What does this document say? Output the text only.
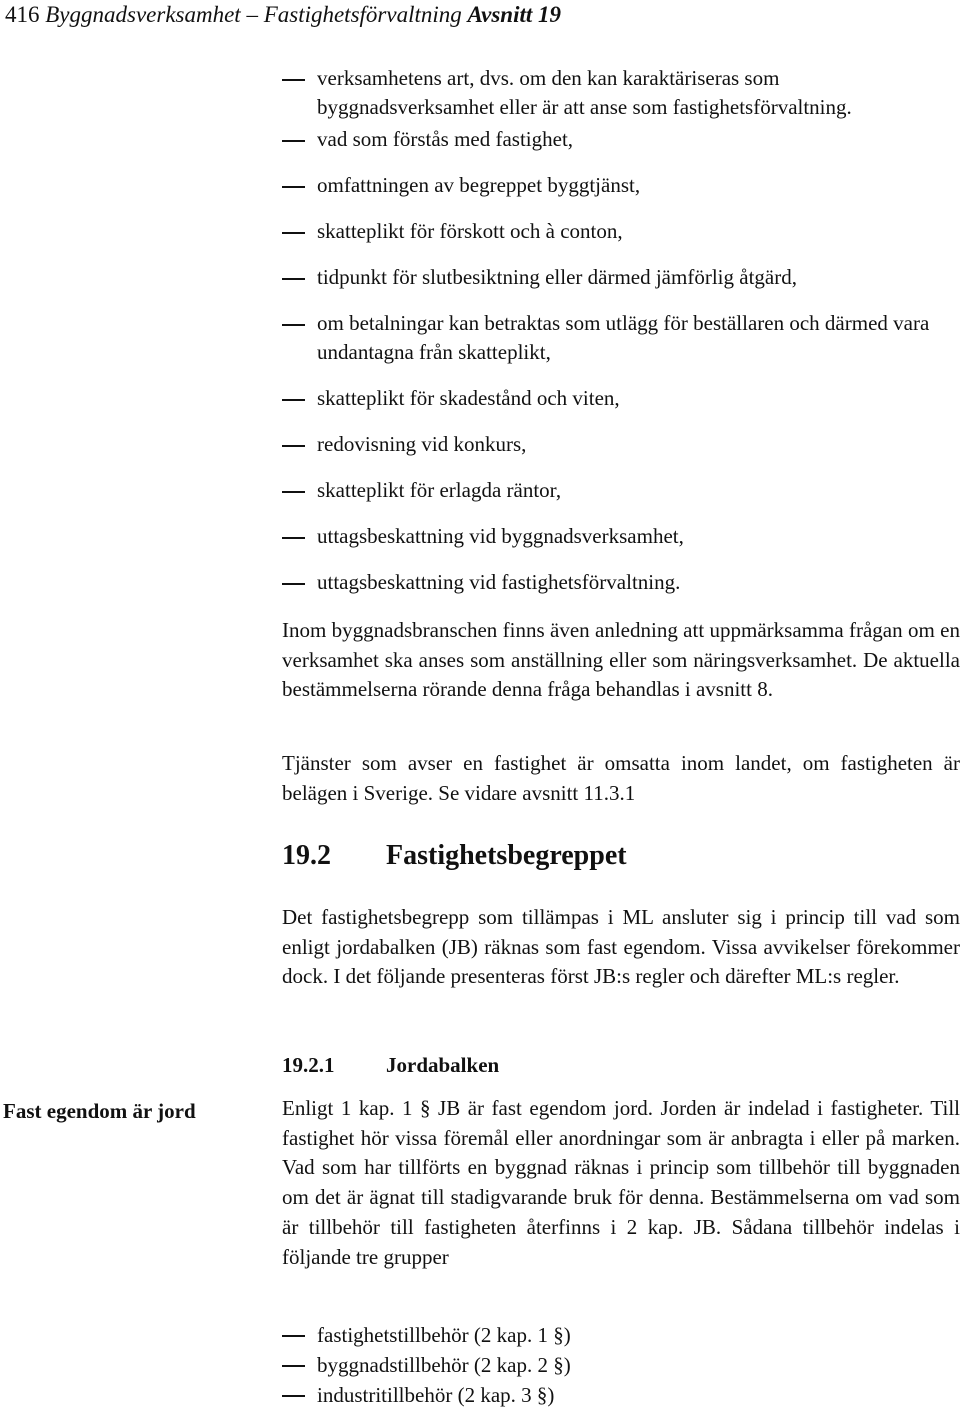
416 Byggnadsverksamhet – Fastighetsförvaltning Avsnitt 19
verksamhetens art, dvs. om den kan karaktäriseras som byggnadsverksamhet eller är att anse som fastighetsförvaltning.
vad som förstås med fastighet,
omfattningen av begreppet byggtjänst,
skatteplikt för förskott och à conton,
tidpunkt för slutbesiktning eller därmed jämförlig åtgärd,
om betalningar kan betraktas som utlägg för beställaren och därmed vara undantagna från skatteplikt,
skatteplikt för skadestånd och viten,
redovisning vid konkurs,
skatteplikt för erlagda räntor,
uttagsbeskattning vid byggnadsverksamhet,
uttagsbeskattning vid fastighetsförvaltning.

Inom byggnadsbranschen finns även anledning att uppmärksamma frågan om en verksamhet ska anses som anställning eller som näringsverksamhet. De aktuella bestämmelserna rörande denna fråga behandlas i avsnitt 8.

Tjänster som avser en fastighet är omsatta inom landet, om fastigheten är belägen i Sverige. Se vidare avsnitt 11.3.1

19.2 Fastighetsbegreppet

Det fastighetsbegrepp som tillämpas i ML ansluter sig i princip till vad som enligt jordabalken (JB) räknas som fast egendom. Vissa avvikelser förekommer dock. I det följande presenteras först JB:s regler och därefter ML:s regler.

19.2.1 Jordabalken

Fast egendom är jord	Enligt 1 kap. 1 § JB är fast egendom jord. Jorden är indelad i fastigheter. Till fastighet hör vissa föremål eller anordningar som är anbragta i eller på marken. Vad som har tillförts en byggnad räknas i princip som tillbehör till byggnaden om det är ägnat till stadigvarande bruk för denna. Bestämmelserna om vad som är tillbehör till fastigheten återfinns i 2 kap. JB. Sådana tillbehör indelas i följande tre grupper

fastighetstillbehör (2 kap. 1 §)
byggnadstillbehör (2 kap. 2 §)
industritillbehör (2 kap. 3 §)
